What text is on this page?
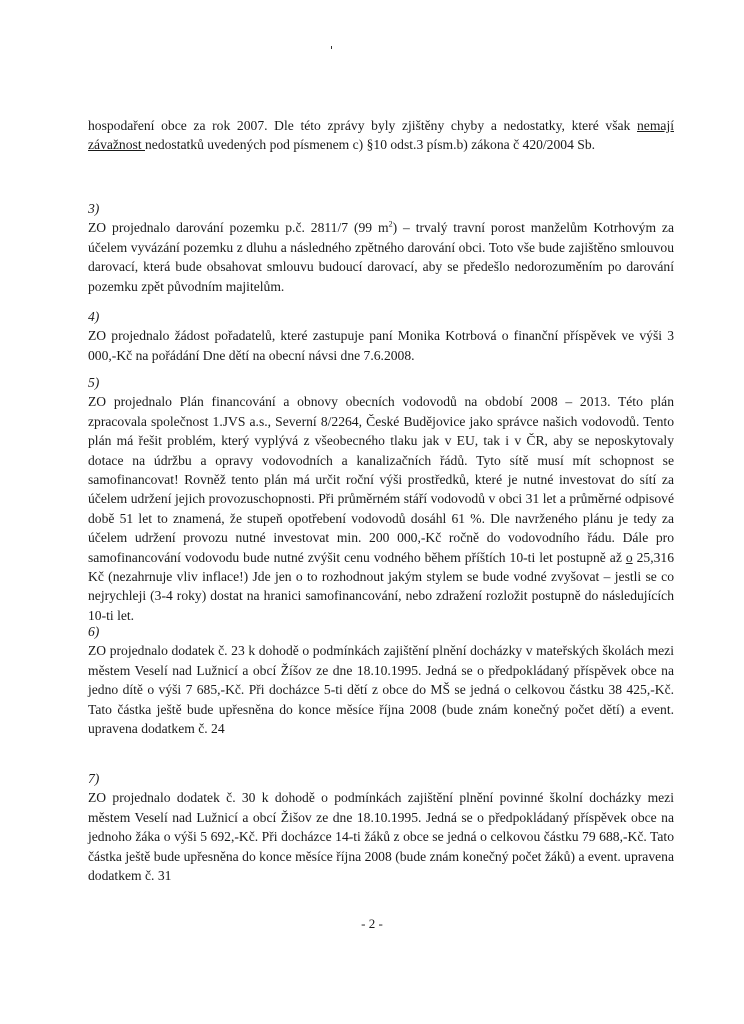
hospodaření obce za rok 2007. Dle této zprávy byly zjištěny chyby a nedostatky, které však nemají závažnost nedostatků uvedených pod písmenem c) §10 odst.3 písm.b) zákona č 420/2004 Sb.

3)

ZO projednalo darování pozemku p.č. 2811/7 (99 $m^2$) – trvalý travní porost manželům Kotrhovým za účelem vyvázání pozemku z dluhu a následného zpětného darování obci. Toto vše bude zajištěno smlouvou darovací, která bude obsahovat smlouvu budoucí darovací, aby se předešlo nedorozuměním po darování pozemku zpět původním majitelům.

4)

ZO projednalo žádost pořadatelů, které zastupuje paní Monika Kotrbová o finanční příspěvek ve výši 3 000,-Kč na pořádání Dne dětí na obecní návsi dne 7.6.2008.

5)

ZO projednalo Plán financování a obnovy obecních vodovodů na období 2008 – 2013. Této plán zpracovala společnost 1.JVS a.s., Severní 8/2264, České Budějovice jako správce našich vodovodů. Tento plán má řešit problém, který vyplývá z všeobecného tlaku jak v EU, tak i v ČR, aby se neposkytovaly dotace na údržbu a opravy vodovodních a kanalizačních řádů. Tyto sítě musí mít schopnost se samofinancovat! Rovněž tento plán má určit roční výši prostředků, které je nutné investovat do sítí za účelem udržení jejich provozuschopnosti. Při průměrném stáří vodovodů v obci 31 let a průměrné odpisové době 51 let to znamená, že stupeň opotřebení vodovodů dosáhl 61 %. Dle navrženého plánu je tedy za účelem udržení provozu nutné investovat min. 200 000,-Kč ročně do vodovodního řádu. Dále pro samofinancování vodovodu bude nutné zvýšit cenu vodného během příštích 10-ti let postupně až o 25,316 Kč (nezahrnuje vliv inflace!) Jde jen o to rozhodnout jakým stylem se bude vodné zvyšovat – jestli se co nejrychleji (3-4 roky) dostat na hranici samofinancování, nebo zdražení rozložit postupně do následujících 10-ti let.

6)

ZO projednalo dodatek č. 23 k dohodě o podmínkách zajištění plnění docházky v mateřských školách mezi městem Veselí nad Lužnicí a obcí Žíšov ze dne 18.10.1995. Jedná se o předpokládaný příspěvek obce na jedno dítě o výši 7 685,-Kč. Při docházce 5-ti dětí z obce do MŠ se jedná o celkovou částku 38 425,-Kč. Tato částka ještě bude upřesněna do konce měsíce října 2008 (bude znám konečný počet dětí) a event. upravena dodatkem č. 24

7)

ZO projednalo dodatek č. 30 k dohodě o podmínkách zajištění plnění povinné školní docházky mezi městem Veselí nad Lužnicí a obcí Žišov ze dne 18.10.1995. Jedná se o předpokládaný příspěvek obce na jednoho žáka o výši 5 692,-Kč. Při docházce 14-ti žáků z obce se jedná o celkovou částku 79 688,-Kč. Tato částka ještě bude upřesněna do konce měsíce října 2008 (bude znám konečný počet žáků) a event. upravena dodatkem č. 31

- 2 -
